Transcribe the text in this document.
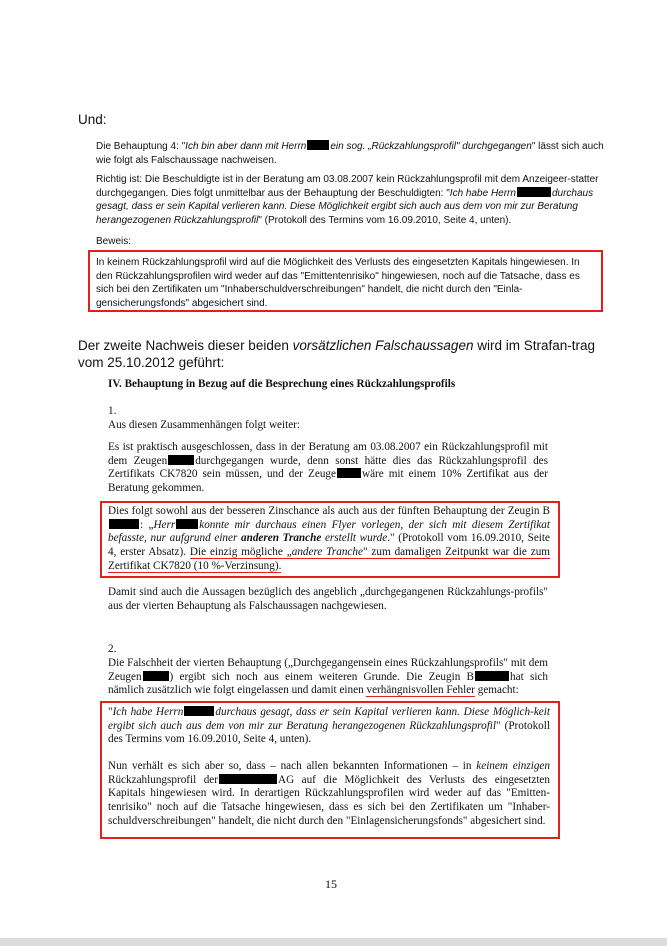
Und:

Die Behauptung 4: "Ich bin aber dann mit Herrn ein sog. „Rückzahlungsprofil" durchgegangen" lässt sich auch wie folgt als Falschaussage nachweisen.

Richtig ist: Die Beschuldigte ist in der Beratung am 03.08.2007 kein Rückzahlungsprofil mit dem Anzeigeer-statter durchgegangen. Dies folgt unmittelbar aus der Behauptung der Beschuldigten: "Ich habe Herrn	durchaus gesagt, dass er sein Kapital verlieren kann. Diese Möglichkeit ergibt sich auch aus dem von mir zur Beratung herangezogenen Rückzahlungsprofil" (Protokoll des Termins vom 16.09.2010, Seite 4, unten).

Beweis:
In keinem Rückzahlungsprofil wird auf die Möglichkeit des Verlusts des eingesetzten Kapitals hingewiesen. In den Rückzahlungsprofilen wird weder auf das "Emittentenrisiko" hingewiesen, noch auf die Tatsache, dass es sich bei den Zertifikaten um "Inhaberschuldverschreibungen" handelt, die nicht durch den "Einla-gensicherungsfonds" abgesichert sind.

Der zweite Nachweis dieser beiden vorsätzlichen Falschaussagen wird im Strafan-trag vom 25.10.2012 geführt:

IV. Behauptung in Bezug auf die Besprechung eines Rückzahlungsprofils
1.
Aus diesen Zusammenhängen folgt weiter:

Es ist praktisch ausgeschlossen, dass in der Beratung am 03.08.2007 ein Rückzahlungsprofil mit dem Zeugen	durchgegangen wurde, denn sonst hätte dies das Rückzahlungsprofil des Zertifikats CK7820 sein müssen, und der Zeuge wäre mit einem 10% Zertifikat aus der Beratung gekommen.

Dies folgt sowohl aus der besseren Zinschance als auch aus der fünften Behauptung der Zeugin B: „Herr konnte mir durchaus einen Flyer vorlegen, der sich mit diesem Zertifikat befasste, nur aufgrund einer anderen Tranche erstellt wurde." (Protokoll vom 16.09.2010, Seite 4, erster Absatz). Die einzig mögliche „andere Tranche" zum damaligen Zeitpunkt war die zum Zertifikat CK7820 (10 %-Verzinsung).

Damit sind auch die Aussagen bezüglich des angeblich „durchgegangenen Rückzahlungs-profils" aus der vierten Behauptung als Falschaussagen nachgewiesen.
2.

Die Falschheit der vierten Behauptung („Durchgegangensein eines Rückzahlungsprofils" mit dem Zeugen	) ergibt sich noch aus einem weiteren Grunde. Die Zeugin B	hat sich nämlich zusätzlich wie folgt eingelassen und damit einen verhängnisvollen Fehler gemacht:

"Ich habe Herrn	durchaus gesagt, dass er sein Kapital verlieren kann. Diese Möglich-keit ergibt sich auch aus dem von mir zur Beratung herangezogenen Rückzahlungsprofil" (Protokoll des Termins vom 16.09.2010, Seite 4, unten).

Nun verhält es sich aber so, dass – nach allen bekannten Informationen – in keinem einzigen Rückzahlungsprofil der	AG auf die Möglichkeit des Verlusts des eingesetzten Kapitals hingewiesen wird. In derartigen Rückzahlungsprofilen wird weder auf das "Emitten-tenrisiko" noch auf die Tatsache hingewiesen, dass es sich bei den Zertifikaten um "Inhaber-schuldverschreibungen" handelt, die nicht durch den "Einlagensicherungsfonds" abgesichert sind.

15
